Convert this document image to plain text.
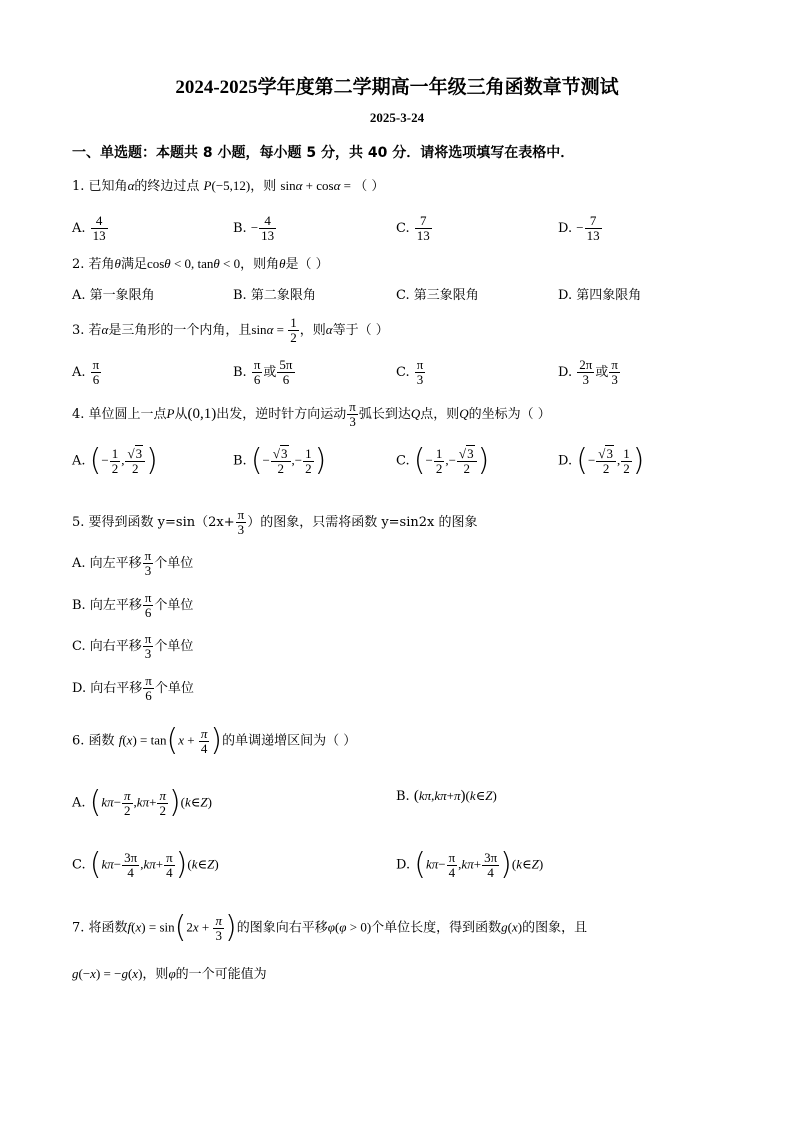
2024-2025学年度第二学期高一年级三角函数章节测试
2025-3-24
一、单选题：本题共 8 小题，每小题 5 分，共 40 分．请将选项填写在表格中．
1. 已知角α的终边过点 P(−5,12)，则 sinα + cosα = （ ）
A. $\frac{4}{13}$	B. − $\frac{4}{13}$	C. $\frac{7}{13}$	D. − $\frac{7}{13}$
2. 若角θ满足cosθ < 0, tanθ < 0，则角θ是（ ）
A. 第一象限角	B. 第二象限角	C. 第三象限角	D. 第四象限角
3. 若α是三角形的一个内角，且$\sin\alpha = \frac{1}{2}$ ，则α等于（ ）
A. $\frac{\pi}{6}$	B. $\frac{\pi}{6}$ 或 $\frac{5\pi}{6}$	C. $\frac{\pi}{3}$	D. $\frac{2\pi}{3}$ 或 $\frac{\pi}{3}$
4. 单位圆上一点P从(0,1)出发，逆时针方向运动 $\frac{\pi}{3}$ 弧长到达Q点，则Q的坐标为（ ）
A. (− $\frac{1}{2}$ , $\frac{√3}{2}$ )	B. (− $\frac{√3}{2}$ ,− $\frac{1}{2}$ )	C. (− $\frac{1}{2}$ ,− $\frac{√3}{2}$ )	D. (− $\frac{√3}{2}$ , $\frac{1}{2}$ )
5. 要得到函数 $y=\sin(2x+ \frac{\pi}{3}$ ）的图象，只需将函数 y=sin2x 的图象
A. 向左平移 $\frac{\pi}{3}$ 个单位
B. 向左平移 $\frac{\pi}{6}$ 个单位
C. 向右平移 $\frac{\pi}{3}$ 个单位
D. 向右平移 $\frac{\pi}{6}$ 个单位
6. 函数 $f(x) = \tan(x + \frac{\pi}{4}$ )的单调递增区间为（ ）
A. ($k\pi- \frac{\pi}{2} ,k\pi+ \frac{\pi}{2}$ )(k∈Z)	B. (kπ,kπ+π)(k∈Z)
C. ($k\pi- \frac{3\pi}{4} ,k\pi+ \frac{\pi}{4}$ )(k∈Z)	D. ($k\pi- \frac{\pi}{4} ,k\pi+ \frac{3\pi}{4}$ )(k∈Z)
7. 将函数$f(x) = \sin(2x + \frac{\pi}{3}$ )的图象向右平移φ(φ > 0)个单位长度，得到函数g(x)的图象，且
g(−x) = −g(x)，则φ的一个可能值为
